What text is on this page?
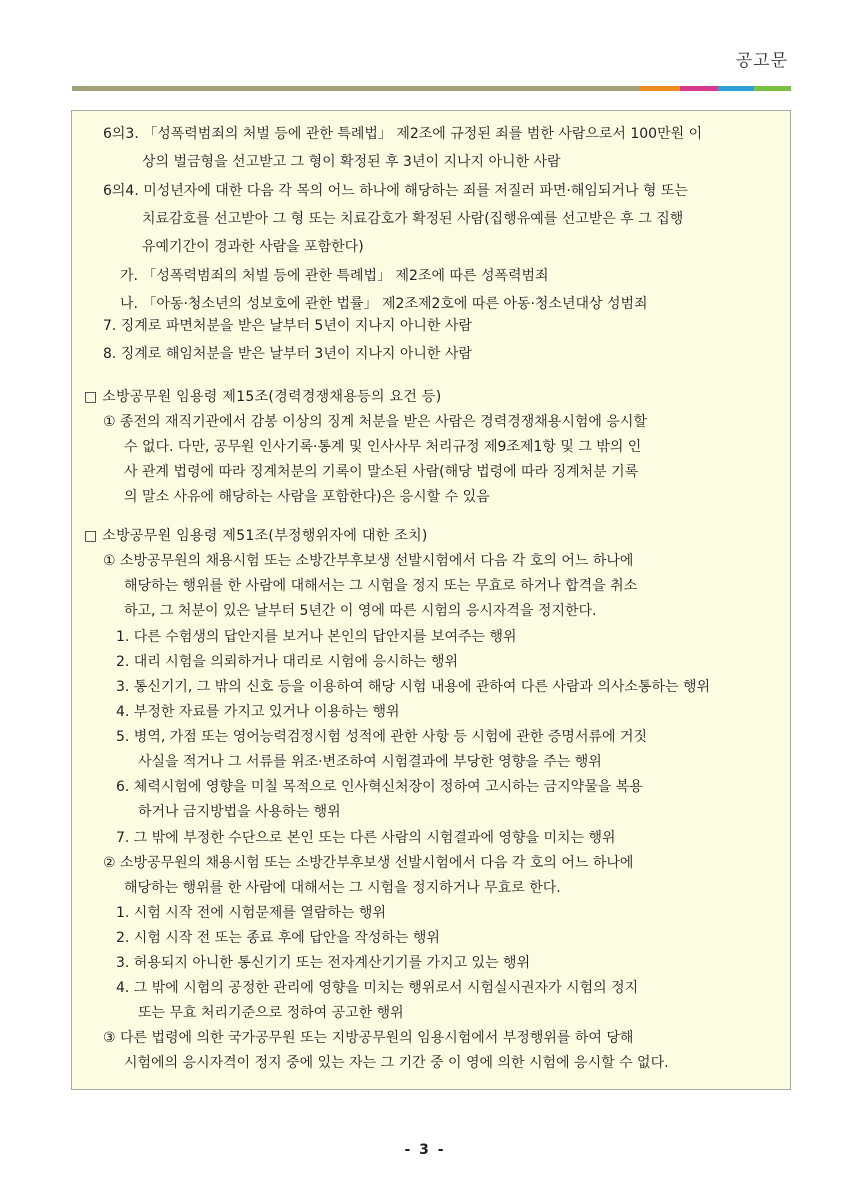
공고문
6의3. 「성폭력범죄의 처벌 등에 관한 특례법」 제2조에 규정된 죄를 범한 사람으로서 100만원 이
상의 벌금형을 선고받고 그 형이 확정된 후 3년이 지나지 아니한 사람
6의4. 미성년자에 대한 다음 각 목의 어느 하나에 해당하는 죄를 저질러 파면·해임되거나 형 또는
치료감호를 선고받아 그 형 또는 치료감호가 확정된 사람(집행유예를 선고받은 후 그 집행
유예기간이 경과한 사람을 포함한다)
가. 「성폭력범죄의 처벌 등에 관한 특례법」 제2조에 따른 성폭력범죄
나. 「아동·청소년의 성보호에 관한 법률」 제2조제2호에 따른 아동·청소년대상 성범죄
7. 징계로 파면처분을 받은 날부터 5년이 지나지 아니한 사람
8. 징계로 해임처분을 받은 날부터 3년이 지나지 아니한 사람
□ 소방공무원 임용령 제15조(경력경쟁채용등의 요건 등)
① 종전의 재직기관에서 감봉 이상의 징계 처분을 받은 사람은 경력경쟁채용시험에 응시할
수 없다. 다만, 공무원 인사기록·통계 및 인사사무 처리규정 제9조제1항 및 그 밖의 인
사 관계 법령에 따라 징계처분의 기록이 말소된 사람(해당 법령에 따라 징계처분 기록
의 말소 사유에 해당하는 사람을 포함한다)은 응시할 수 있음
□ 소방공무원 임용령 제51조(부정행위자에 대한 조치)
① 소방공무원의 채용시험 또는 소방간부후보생 선발시험에서 다음 각 호의 어느 하나에
해당하는 행위를 한 사람에 대해서는 그 시험을 정지 또는 무효로 하거나 합격을 취소
하고, 그 처분이 있은 날부터 5년간 이 영에 따른 시험의 응시자격을 정지한다.
1. 다른 수험생의 답안지를 보거나 본인의 답안지를 보여주는 행위
2. 대리 시험을 의뢰하거나 대리로 시험에 응시하는 행위
3. 통신기기, 그 밖의 신호 등을 이용하여 해당 시험 내용에 관하여 다른 사람과 의사소통하는 행위
4. 부정한 자료를 가지고 있거나 이용하는 행위
5. 병역, 가점 또는 영어능력검정시험 성적에 관한 사항 등 시험에 관한 증명서류에 거짓
사실을 적거나 그 서류를 위조·변조하여 시험결과에 부당한 영향을 주는 행위
6. 체력시험에 영향을 미칠 목적으로 인사혁신처장이 정하여 고시하는 금지약물을 복용
하거나 금지방법을 사용하는 행위
7. 그 밖에 부정한 수단으로 본인 또는 다른 사람의 시험결과에 영향을 미치는 행위
② 소방공무원의 채용시험 또는 소방간부후보생 선발시험에서 다음 각 호의 어느 하나에
해당하는 행위를 한 사람에 대해서는 그 시험을 정지하거나 무효로 한다.
1. 시험 시작 전에 시험문제를 열람하는 행위
2. 시험 시작 전 또는 종료 후에 답안을 작성하는 행위
3. 허용되지 아니한 통신기기 또는 전자계산기기를 가지고 있는 행위
4. 그 밖에 시험의 공정한 관리에 영향을 미치는 행위로서 시험실시권자가 시험의 정지
또는 무효 처리기준으로 정하여 공고한 행위
③ 다른 법령에 의한 국가공무원 또는 지방공무원의 임용시험에서 부정행위를 하여 당해
시험에의 응시자격이 정지 중에 있는 자는 그 기간 중 이 영에 의한 시험에 응시할 수 없다.
- 3 -
